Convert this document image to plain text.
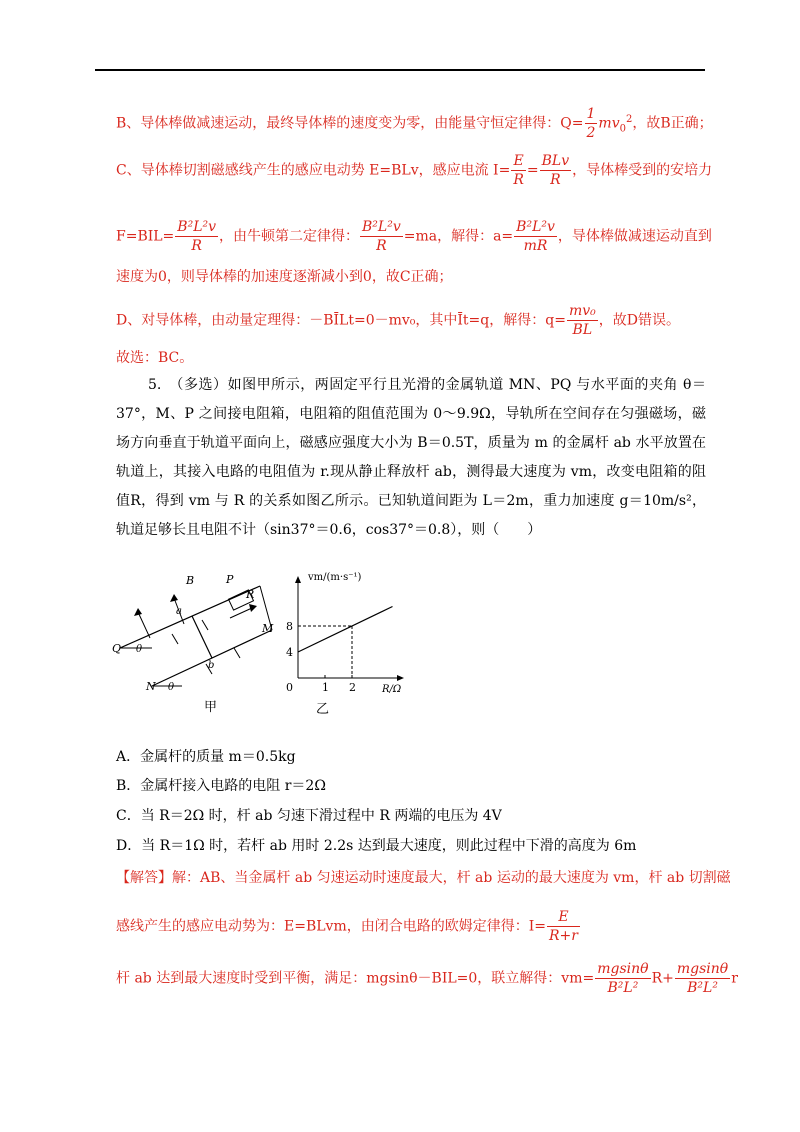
B、导体棒做减速运动，最终导体棒的速度变为零，由能量守恒定律得：$Q= \frac{1}{2} mv_0^2$，故B正确；
C、导体棒切割磁感线产生的感应电动势 E=BLv，感应电流 $I= \frac{E}{R} = \frac{\text{BLv}}{R}$ ，导体棒受到的安培力
$F=BIL= \frac{\text{B²L²v}}{R}$ ，由牛顿第二定律得： $\frac{\text{B²L²v}}{R} =ma$，解得：$a= \frac{\text{B²L²v}}{mR}$ ，导体棒做减速运动直到
速度为0，则导体棒的加速度逐渐减小到0，故C正确；
D、对导体棒，由动量定理得：－BĪLt=0－mv₀，其中Īt=q，解得：$q= \frac{\text{mv₀}}{BL}$ ，故D错误。
故选：BC。
5.　（多选）如图甲所示，两固定平行且光滑的金属轨道 MN、PQ 与水平面的夹角 θ＝37°，M、P 之间接电阻箱，电阻箱的阻值范围为 0～9.9Ω，导轨所在空间存在匀强磁场，磁场方向垂直于轨道平面向上，磁感应强度大小为 B＝0.5T，质量为 m 的金属杆 ab 水平放置在轨道上，其接入电路的电阻值为 r.现从静止释放杆 ab，测得最大速度为 vm，改变电阻箱的阻值R，得到 vm 与 R 的关系如图乙所示。已知轨道间距为 L＝2m，重力加速度 g＝10m/s²，轨道足够长且电阻不计（sin37°＝0.6，cos37°＝0.8），则（　　）
B	P
R
a
M
Q θ
b
N θ
甲
vm/(m·s⁻¹)
R/Ω
4
8
0	1 2
乙
A．金属杆的质量 m＝0.5kg
B．金属杆接入电路的电阻 r＝2Ω
C．当 R＝2Ω 时，杆 ab 匀速下滑过程中 R 两端的电压为 4V
D．当 R＝1Ω 时，若杆 ab 用时 2.2s 达到最大速度，则此过程中下滑的高度为 6m
【解答】解：AB、当金属杆 ab 匀速运动时速度最大，杆 ab 运动的最大速度为 vm，杆 ab 切割磁
感线产生的感应电动势为：E=BLvm，由闭合电路的欧姆定律得：$I= \frac{E}{R+r}$
杆 ab 达到最大速度时受到平衡，满足：mgsinθ－BIL=0，联立解得：$vm= \frac{mgsin\theta}{\text{B²L²}} R+ \frac{mgsin\theta}{\text{B²L²}}$ r
